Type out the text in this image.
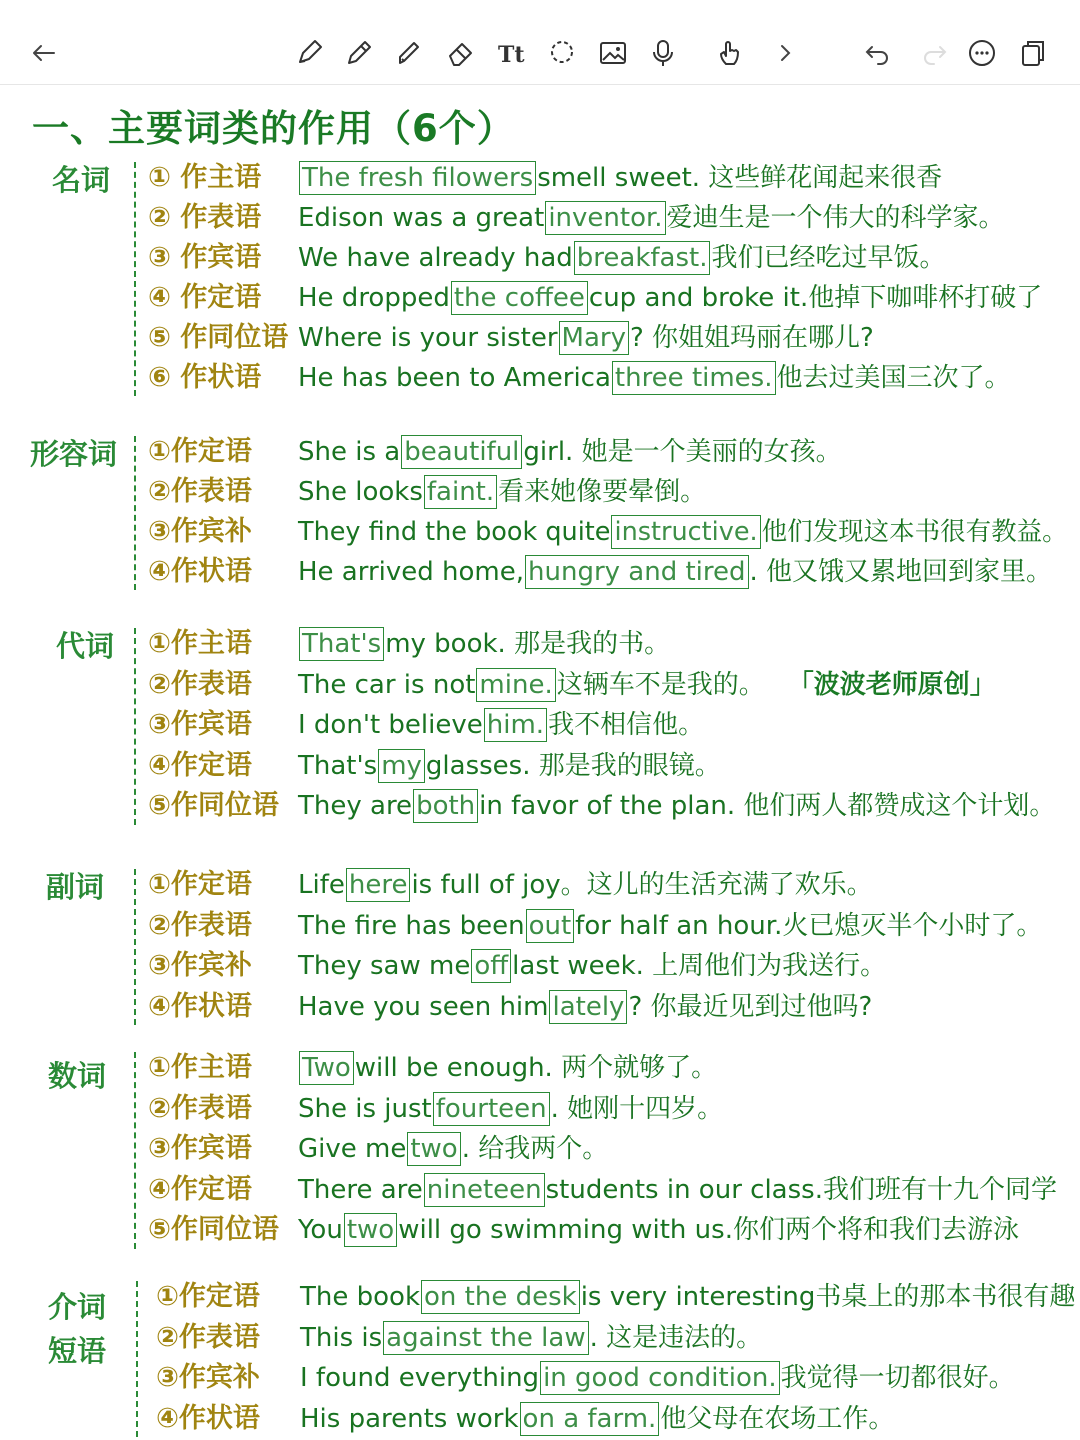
Tt
一、主要词类的作用（6个）
名词 ① 作主语 The fresh filowers smell sweet. 这些鲜花闻起来很香
② 作表语 Edison was a great inventor. 爱迪生是一个伟大的科学家。
③ 作宾语 We have already had breakfast. 我们已经吃过早饭。
④ 作定语 He dropped the coffee cup and broke it.他掉下咖啡杯打破了
⑤ 作同位语 Where is your sister Mary ? 你姐姐玛丽在哪儿?
⑥ 作状语 He has been to America three times. 他去过美国三次了。
形容词 ①作定语 She is a beautiful girl. 她是一个美丽的女孩。
②作表语 She looks faint. 看来她像要晕倒。
③作宾补 They find the book quite instructive. 他们发现这本书很有教益。
④作状语 He arrived home, hungry and tired . 他又饿又累地回到家里。
代词 ①作主语 That's my book. 那是我的书。
②作表语 The car is not mine. 这辆车不是我的。 「波波老师原创」
③作宾语 I don't believe him. 我不相信他。
④作定语 That's my glasses. 那是我的眼镜。
⑤作同位语 They are both in favor of the plan. 他们两人都赞成这个计划。
副词 ①作定语 Life here is full of joy。这儿的生活充满了欢乐。
②作表语 The fire has been out for half an hour.火已熄灭半个小时了。
③作宾补 They saw me off last week. 上周他们为我送行。
④作状语 Have you seen him lately ? 你最近见到过他吗?
数词 ①作主语 Two will be enough. 两个就够了。
②作表语 She is just fourteen . 她刚十四岁。
③作宾语 Give me two . 给我两个。
④作定语 There are nineteen students in our class.我们班有十九个同学
⑤作同位语 You two will go swimming with us.你们两个将和我们去游泳
介词
短语
①作定语 The book on the desk is very interesting书桌上的那本书很有趣
②作表语 This is against the law . 这是违法的。
③作宾补 I found everything in good condition. 我觉得一切都很好。
④作状语 His parents work on a farm. 他父母在农场工作。
